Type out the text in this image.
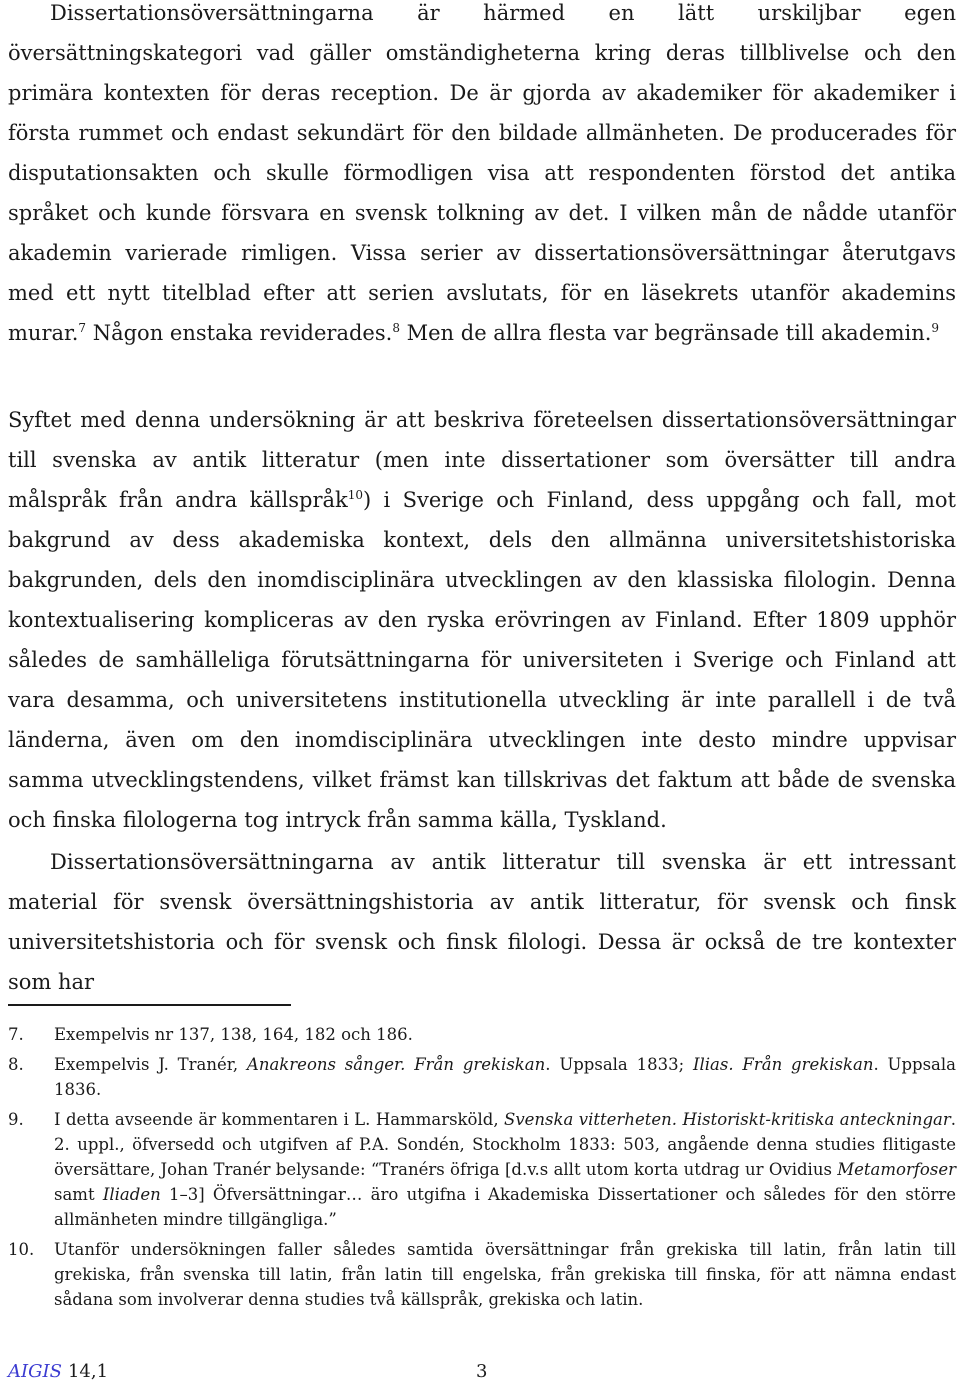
Dissertationsöversättningarna är härmed en lätt urskiljbar egen översättningskategori vad gäller omständigheterna kring deras tillblivelse och den primära kontexten för deras reception. De är gjorda av akademiker för akademiker i första rummet och endast sekundärt för den bildade allmänheten. De producerades för disputationsakten och skulle förmodligen visa att respondenten förstod det antika språket och kunde försvara en svensk tolkning av det. I vilken mån de nådde utanför akademin varierade rimligen. Vissa serier av dissertationsöversättningar återutgavs med ett nytt titelblad efter att serien avslutats, för en läsekrets utanför akademins murar.$^7$ Någon enstaka reviderades.$^8$ Men de allra flesta var begränsade till akademin.$^9$

Syftet med denna undersökning är att beskriva företeelsen dissertationsöversättningar till svenska av antik litteratur (men inte dissertationer som översätter till andra målspråk från andra källspråk$^{10}$) i Sverige och Finland, dess uppgång och fall, mot bakgrund av dess akademiska kontext, dels den allmänna universitetshistoriska bakgrunden, dels den inomdisciplinära utvecklingen av den klassiska filologin. Denna kontextualisering kompliceras av den ryska erövringen av Finland. Efter 1809 upphör således de samhälleliga förutsättningarna för universiteten i Sverige och Finland att vara desamma, och universitetens institutionella utveckling är inte parallell i de två länderna, även om den inomdisciplinära utvecklingen inte desto mindre uppvisar samma utvecklingstendens, vilket främst kan tillskrivas det faktum att både de svenska och finska filologerna tog intryck från samma källa, Tyskland.

Dissertationsöversättningarna av antik litteratur till svenska är ett intressant material för svensk översättningshistoria av antik litteratur, för svensk och finsk universitetshistoria och för svensk och finsk filologi. Dessa är också de tre kontexter som har

7.	Exempelvis nr 137, 138, 164, 182 och 186.
8.	Exempelvis J. Tranér, Anakreons sånger. Från grekiskan. Uppsala 1833; Ilias. Från grekiskan. Uppsala 1836.
9.	I detta avseende är kommentaren i L. Hammarsköld, Svenska vitterheten. Historiskt-kritiska anteckningar. 2. uppl., öfversedd och utgifven af P.A. Sondén, Stockholm 1833: 503, angående denna studies flitigaste översättare, Johan Tranér belysande: “Tranérs öfriga [d.v.s allt utom korta utdrag ur Ovidius Metamorfoser samt Iliaden 1–3] Öfversättningar… äro utgifna i Akademiska Dissertationer och således för den större allmänheten mindre tillgängliga.”
10.	Utanför undersökningen faller således samtida översättningar från grekiska till latin, från latin till grekiska, från svenska till latin, från latin till engelska, från grekiska till finska, för att nämna endast sådana som involverar denna studies två källspråk, grekiska och latin.
AIGIS 14,1	3
